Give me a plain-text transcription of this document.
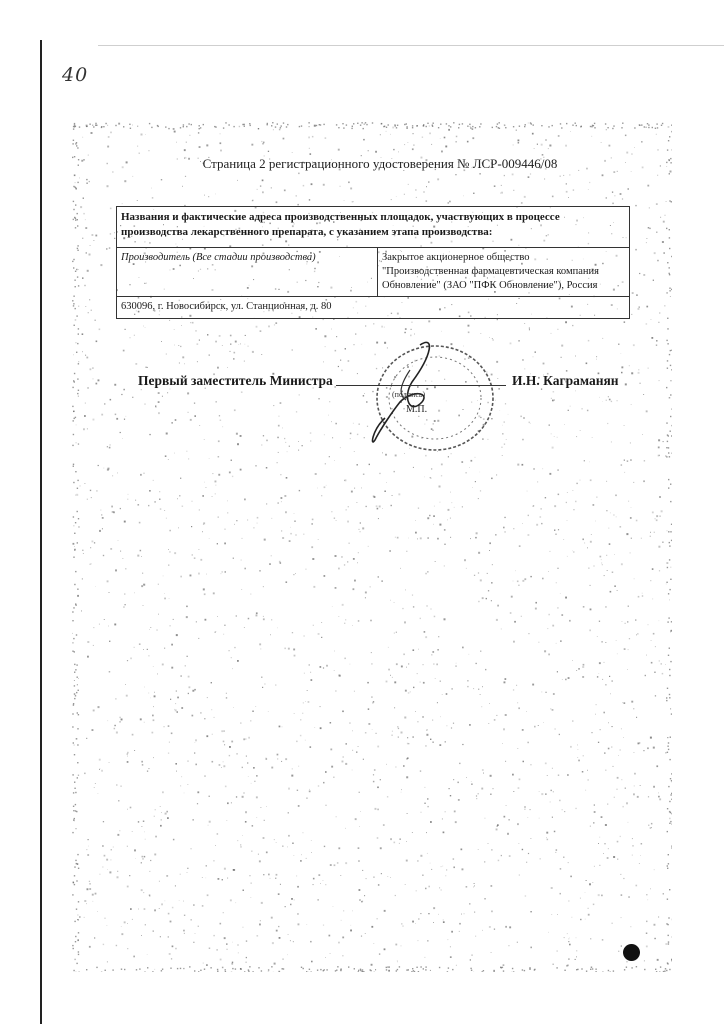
40
Страница 2 регистрационного удостоверения № ЛСР-009446/08
Названия и фактические адреса производственных площадок, участвующих в процессе производства лекарственного препарата, с указанием этапа производства:
Производитель (Все стадии производства)	Закрытое акционерное общество
"Производственная фармацевтическая компания
Обновление" (ЗАО "ПФК Обновление"), Россия

630096, г. Новосибирск, ул. Станционная, д. 80
Первый заместитель Министра
(подпись)
М.П.
И.Н. Каграманян
